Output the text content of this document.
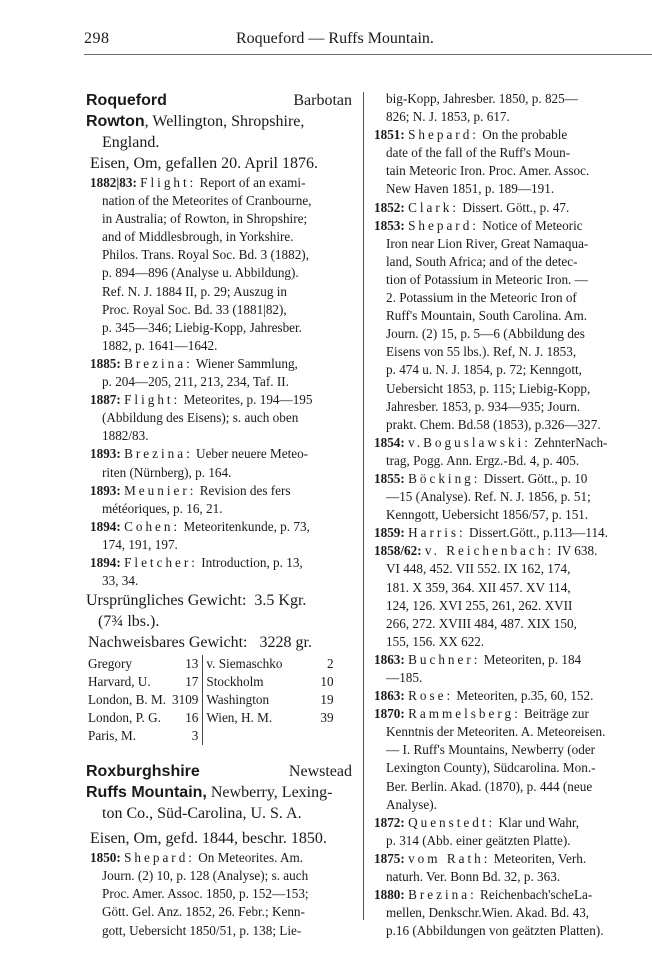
298	Roqueford — Ruffs Mountain.
Roqueford	Barbotan
Rowton, Wellington, Shropshire,
England.
Eisen, Om, gefallen 20. April 1876.
1882|83: Flight: Report of an exami-
nation of the Meteorites of Cranbourne,
in Australia; of Rowton, in Shropshire;
and of Middlesbrough, in Yorkshire.
Philos. Trans. Royal Soc. Bd. 3 (1882),
p. 894—896 (Analyse u. Abbildung).
Ref. N. J. 1884 II, p. 29; Auszug in
Proc. Royal Soc. Bd. 33 (1881|82),
p. 345—346; Liebig-Kopp, Jahresber.
1882, p. 1641—1642.
1885: Brezina: Wiener Sammlung,
p. 204—205, 211, 213, 234, Taf. II.
1887: Flight: Meteorites, p. 194—195
(Abbildung des Eisens); s. auch oben
1882/83.
1893: Brezina: Ueber neuere Meteo-
riten (Nürnberg), p. 164.
1893: Meunier: Revision des fers
météoriques, p. 16, 21.
1894: Cohen: Meteoritenkunde, p. 73,
174, 191, 197.
1894: Fletcher: Introduction, p. 13,
33, 34.
Ursprüngliches Gewicht: 3.5 Kgr.
(7¾ lbs.).
Nachweisbares Gewicht: 3228 gr.
Gregory	13	v. Siemaschko	2
Harvard, U.	17	Stockholm	10
London, B. M.	3109	Washington	19
London, P. G.	16	Wien, H. M.	39
Paris, M.	3		
Roxburghshire	Newstead
Ruffs Mountain, Newberry, Lexing-
ton Co., Süd-Carolina, U. S. A.
Eisen, Om, gefd. 1844, beschr. 1850.
1850: Shepard: On Meteorites. Am.
Journ. (2) 10, p. 128 (Analyse); s. auch
Proc. Amer. Assoc. 1850, p. 152—153;
Gött. Gel. Anz. 1852, 26. Febr.; Kenn-
gott, Uebersicht 1850/51, p. 138; Lie-
big-Kopp, Jahresber. 1850, p. 825—
826; N. J. 1853, p. 617.
1851: Shepard: On the probable
date of the fall of the Ruff's Moun-
tain Meteoric Iron. Proc. Amer. Assoc.
New Haven 1851, p. 189—191.
1852: Clark: Dissert. Gött., p. 47.
1853: Shepard: Notice of Meteoric
Iron near Lion River, Great Namaqua-
land, South Africa; and of the detec-
tion of Potassium in Meteoric Iron. —
2. Potassium in the Meteoric Iron of
Ruff's Mountain, South Carolina. Am.
Journ. (2) 15, p. 5—6 (Abbildung des
Eisens von 55 lbs.). Ref, N. J. 1853,
p. 474 u. N. J. 1854, p. 72; Kenngott,
Uebersicht 1853, p. 115; Liebig-Kopp,
Jahresber. 1853, p. 934—935; Journ.
prakt. Chem. Bd.58 (1853), p.326—327.
1854: v.Boguslawski: ZehnterNach-
trag, Pogg. Ann. Ergz.-Bd. 4, p. 405.
1855: Böcking: Dissert. Gött., p. 10
—15 (Analyse). Ref. N. J. 1856, p. 51;
Kenngott, Uebersicht 1856/57, p. 151.
1859: Harris: Dissert.Gött., p.113—114.
1858/62: v. Reichenbach: IV 638.
VI 448, 452. VII 552. IX 162, 174,
181. X 359, 364. XII 457. XV 114,
124, 126. XVI 255, 261, 262. XVII
266, 272. XVIII 484, 487. XIX 150,
155, 156. XX 622.
1863: Buchner: Meteoriten, p. 184
—185.
1863: Rose: Meteoriten, p.35, 60, 152.
1870: Rammelsberg: Beiträge zur
Kenntnis der Meteoriten. A. Meteoreisen.
— I. Ruff's Mountains, Newberry (oder
Lexington County), Südcarolina. Mon.-
Ber. Berlin. Akad. (1870), p. 444 (neue
Analyse).
1872: Quenstedt: Klar und Wahr,
p. 314 (Abb. einer geätzten Platte).
1875: vom Rath: Meteoriten, Verh.
naturh. Ver. Bonn Bd. 32, p. 363.
1880: Brezina: Reichenbach'scheLa-
mellen, Denkschr.Wien. Akad. Bd. 43,
p.16 (Abbildungen von geätzten Platten).
